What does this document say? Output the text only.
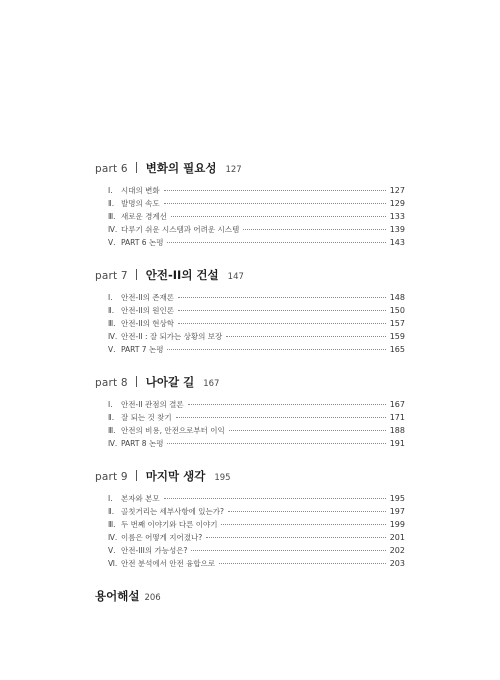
part 6 변화의 필요성 127
Ⅰ.	시대의 변화	127
Ⅱ. 발명의 속도	129
Ⅲ. 새로운 경계선	133
Ⅳ. 다루기 쉬운 시스템과 어려운 시스템	139
Ⅴ. PART 6 논평	143
part 7 안전-II의 건설 147
Ⅰ.	안전-II의 존재론	148
Ⅱ. 안전-II의 원인론	150
Ⅲ. 안전-II의 현상학	157
Ⅳ. 안전-II : 잘 되가는 상황의 보장	159
Ⅴ. PART 7 논평	165
part 8 나아갈 길 167
Ⅰ.	안전-II 관점의 결론	167
Ⅱ. 잘 되는 것 찾기	171
Ⅲ. 안전의 비용, 안전으로부터 이익	188
Ⅳ. PART 8 논평	191
part 9 마지막 생각 195
Ⅰ.	본자와 본모	195
Ⅱ. 골칫거리는 세부사항에 있는가?	197
Ⅲ. 두 번째 이야기와 다른 이야기	199
Ⅳ. 이름은 어떻게 지어졌나?	201
Ⅴ. 안전-III의 가능성은?	202
Ⅵ. 안전 분석에서 안전 융합으로	203
용어해설 206
